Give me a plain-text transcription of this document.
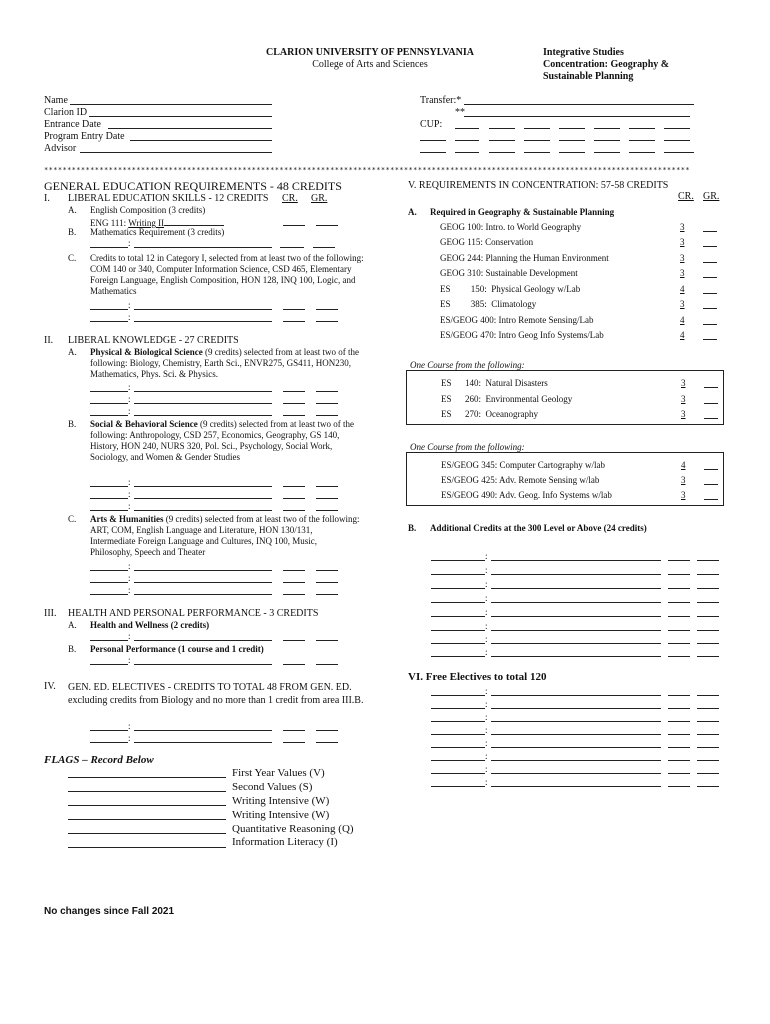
CLARION UNIVERSITY OF PENNSYLVANIA
College of Arts and Sciences
Integrative Studies
Concentration: Geography &
Sustainable Planning
Name
Clarion ID
Entrance Date
Program Entry Date
Advisor
Transfer:*
**
CUP:
********************************************************************************************************************************************
GENERAL EDUCATION REQUIREMENTS - 48 CREDITS
I. LIBERAL EDUCATION SKILLS - 12 CREDITS CR. GR.
A. English Composition (3 credits)
ENG 111: Writing II
B. Mathematics Requirement (3 credits)
:
C. Credits to total 12 in Category I, selected from at least two of the following: COM 140 or 340, Computer Information Science, CSD 465, Elementary Foreign Language, English Composition, HON 128, INQ 100, Logic, and Mathematics
:
:
II. LIBERAL KNOWLEDGE - 27 CREDITS
A. Physical & Biological Science (9 credits) selected from at least two of the following: Biology, Chemistry, Earth Sci., ENVR275, GS411, HON230, Mathematics, Phys. Sci. & Physics.
:
:
:
B. Social & Behavioral Science (9 credits) selected from at least two of the following: Anthropology, CSD 257, Economics, Geography, GS 140, History, HON 240, NURS 320, Pol. Sci., Psychology, Social Work, Sociology, and Women & Gender Studies
:
:
:
C. Arts & Humanities (9 credits) selected from at least two of the following: ART, COM, English Language and Literature, HON 130/131, Intermediate Foreign Language and Cultures, INQ 100, Music, Philosophy, Speech and Theater
:
:
:
III. HEALTH AND PERSONAL PERFORMANCE - 3 CREDITS
A. Health and Wellness (2 credits)
:
B. Personal Performance (1 course and 1 credit)
:
IV. GEN. ED. ELECTIVES - CREDITS TO TOTAL 48 FROM GEN. ED. excluding credits from Biology and no more than 1 credit from area III.B.
:
:
FLAGS – Record Below
First Year Values (V)
Second Values (S)
Writing Intensive (W)
Writing Intensive (W)
Quantitative Reasoning (Q)
Information Literacy (I)
No changes since Fall 2021
V. REQUIREMENTS IN CONCENTRATION: 57-58 CREDITS
CR. GR.
A. Required in Geography & Sustainable Planning
GEOG 100: Intro. to World Geography	3
GEOG 115: Conservation	3
GEOG 244: Planning the Human Environment	3
GEOG 310: Sustainable Development	3
ES         150:  Physical Geology w/Lab	4
ES         385:  Climatology	3
ES/GEOG 400: Intro Remote Sensing/Lab	4
ES/GEOG 470: Intro Geog Info Systems/Lab	4
One Course from the following:
ES      140:  Natural Disasters	3
ES      260:  Environmental Geology	3
ES      270:  Oceanography	3
One Course from the following:
ES/GEOG 345: Computer Cartography w/lab	4
ES/GEOG 425: Adv. Remote Sensing w/lab	3
ES/GEOG 490: Adv. Geog. Info Systems w/lab	3
B. Additional Credits at the 300 Level or Above (24 credits)
:
:
:
:
:
:
:
:
VI. Free Electives to total 120
:
:
:
:
:
:
:
:
